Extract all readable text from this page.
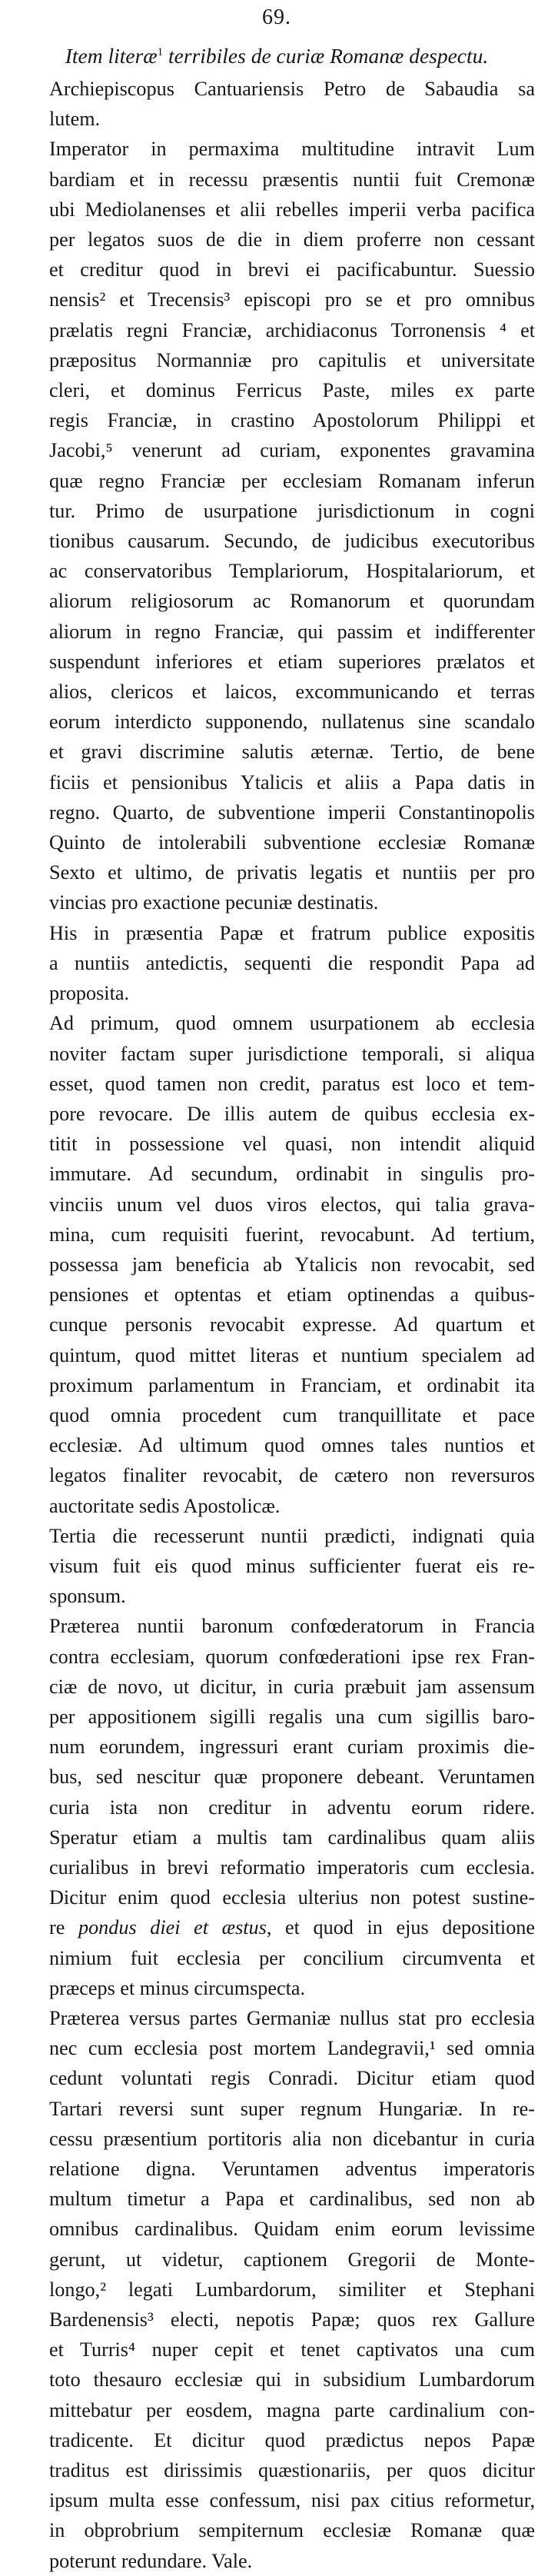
69.
Item literæ$^1$ terribiles de curiæ Romanæ despectu.
Archiepiscopus Cantuariensis Petro de Sabaudia sa
lutem.
Imperator in permaxima multitudine intravit Lum
bardiam et in recessu præsentis nuntii fuit Cremonæ
ubi Mediolanenses et alii rebelles imperii verba pacifica
per legatos suos de die in diem proferre non cessant
et creditur quod in brevi ei pacificabuntur. Suessio
nensis² et Trecensis³ episcopi pro se et pro omnibus
prælatis regni Franciæ, archidiaconus Torronensis ⁴ et
præpositus Normanniæ pro capitulis et universitate
cleri, et dominus Ferricus Paste, miles ex parte
regis Franciæ, in crastino Apostolorum Philippi et
Jacobi,⁵ venerunt ad curiam, exponentes gravamina
quæ regno Franciæ per ecclesiam Romanam inferun
tur. Primo de usurpatione jurisdictionum in cogni
tionibus causarum. Secundo, de judicibus executoribus
ac conservatoribus Templariorum, Hospitalariorum, et
aliorum religiosorum ac Romanorum et quorundam
aliorum in regno Franciæ, qui passim et indifferenter
suspendunt inferiores et etiam superiores prælatos et
alios, clericos et laicos, excommunicando et terras
eorum interdicto supponendo, nullatenus sine scandalo
et gravi discrimine salutis æternæ. Tertio, de bene
ficiis et pensionibus Ytalicis et aliis a Papa datis in
regno. Quarto, de subventione imperii Constantinopolis
Quinto de intolerabili subventione ecclesiæ Romanæ
Sexto et ultimo, de privatis legatis et nuntiis per pro
vincias pro exactione pecuniæ destinatis.
His in præsentia Papæ et fratrum publice expositis
a nuntiis antedictis, sequenti die respondit Papa ad
proposita.
Ad primum, quod omnem usurpationem ab ecclesia
noviter factam super jurisdictione temporali, si aliqua
esset, quod tamen non credit, paratus est loco et tem-
pore revocare. De illis autem de quibus ecclesia ex-
titit in possessione vel quasi, non intendit aliquid
immutare. Ad secundum, ordinabit in singulis pro-
vinciis unum vel duos viros electos, qui talia grava-
mina, cum requisiti fuerint, revocabunt. Ad tertium,
possessa jam beneficia ab Ytalicis non revocabit, sed
pensiones et optentas et etiam optinendas a quibus-
cunque personis revocabit expresse. Ad quartum et
quintum, quod mittet literas et nuntium specialem ad
proximum parlamentum in Franciam, et ordinabit ita
quod omnia procedent cum tranquillitate et pace
ecclesiæ. Ad ultimum quod omnes tales nuntios et
legatos finaliter revocabit, de cætero non reversuros
auctoritate sedis Apostolicæ.
Tertia die recesserunt nuntii prædicti, indignati quia
visum fuit eis quod minus sufficienter fuerat eis re-
sponsum.
Præterea nuntii baronum confœderatorum in Francia
contra ecclesiam, quorum confœderationi ipse rex Fran-
ciæ de novo, ut dicitur, in curia præbuit jam assensum
per appositionem sigilli regalis una cum sigillis baro-
num eorundem, ingressuri erant curiam proximis die-
bus, sed nescitur quæ proponere debeant. Veruntamen
curia ista non creditur in adventu eorum ridere.
Speratur etiam a multis tam cardinalibus quam aliis
curialibus in brevi reformatio imperatoris cum ecclesia.
Dicitur enim quod ecclesia ulterius non potest sustine-
re pondus diei et æstus, et quod in ejus depositione
nimium fuit ecclesia per concilium circumventa et
præceps et minus circumspecta.
Præterea versus partes Germaniæ nullus stat pro ecclesia
nec cum ecclesia post mortem Landegravii,¹ sed omnia
cedunt voluntati regis Conradi. Dicitur etiam quod
Tartari reversi sunt super regnum Hungariæ. In re-
cessu præsentium portitoris alia non dicebantur in curia
relatione digna. Veruntamen adventus imperatoris
multum timetur a Papa et cardinalibus, sed non ab
omnibus cardinalibus. Quidam enim eorum levissime
gerunt, ut videtur, captionem Gregorii de Monte-
longo,² legati Lumbardorum, similiter et Stephani
Bardenensis³ electi, nepotis Papæ; quos rex Gallure
et Turris⁴ nuper cepit et tenet captivatos una cum
toto thesauro ecclesiæ qui in subsidium Lumbardorum
mittebatur per eosdem, magna parte cardinalium con-
tradicente. Et dicitur quod prædictus nepos Papæ
traditus est dirissimis quæstionariis, per quos dicitur
ipsum multa esse confessum, nisi pax citius reformetur,
in obprobrium sempiternum ecclesiæ Romanæ quæ
poterunt redundare. Vale.
